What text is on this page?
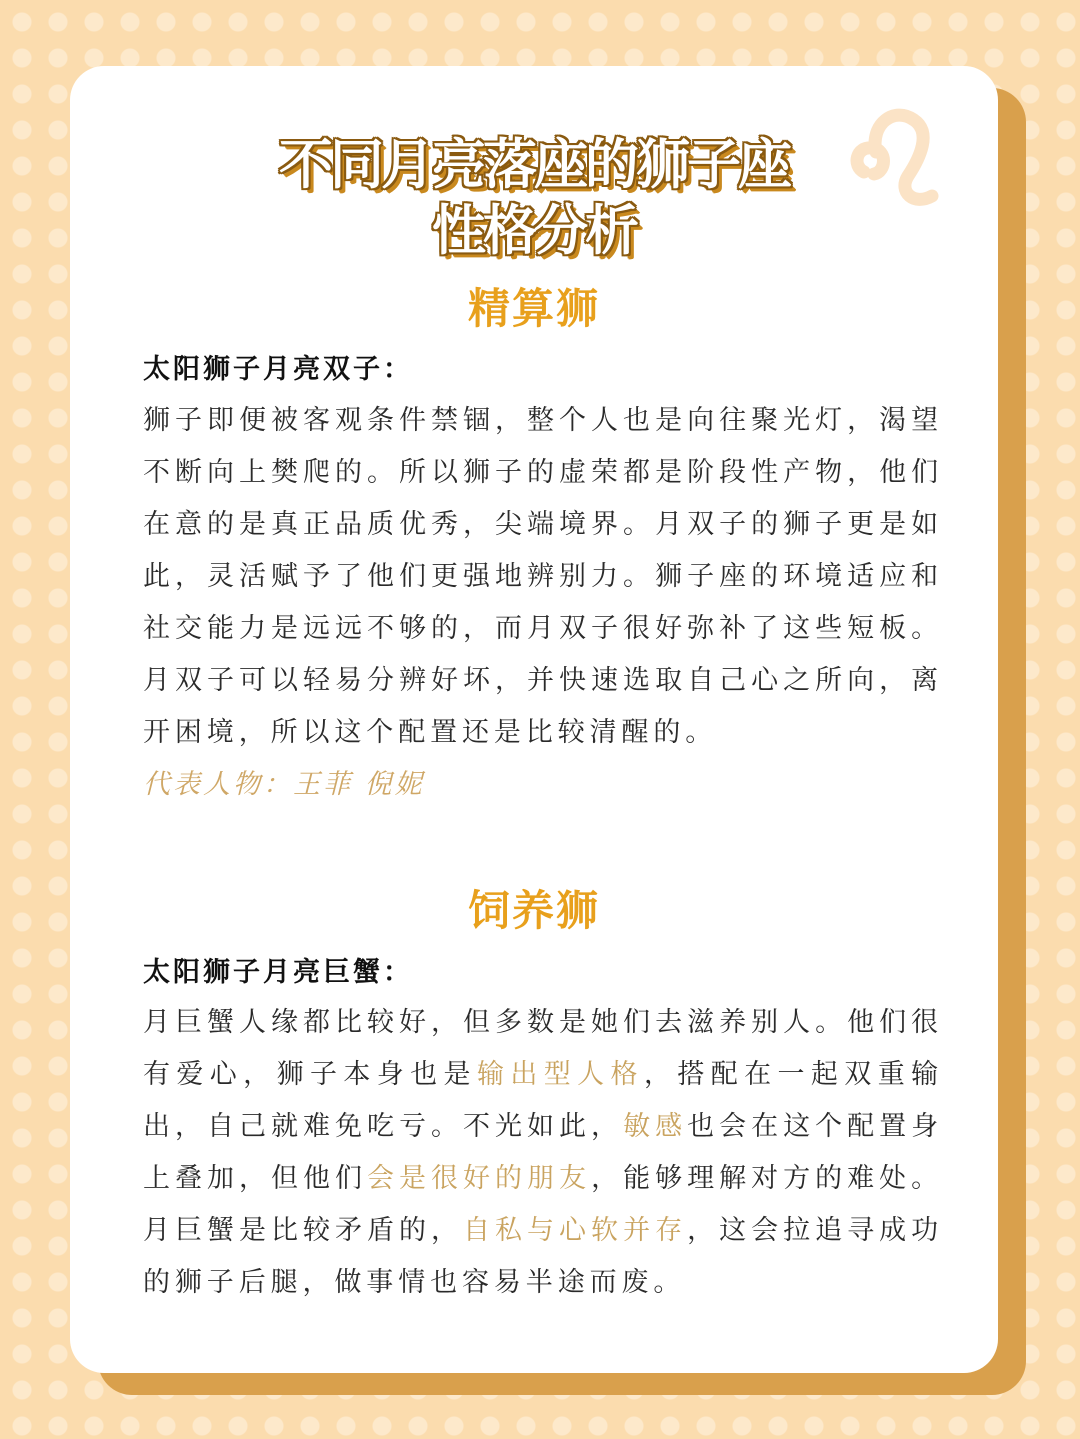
不同月亮落座的狮子座
性格分析
精算狮

太阳狮子月亮双子：

狮子即便被客观条件禁锢，整个人也是向往聚光灯，渴望不断向上樊爬的。所以狮子的虚荣都是阶段性产物，他们在意的是真正品质优秀，尖端境界。月双子的狮子更是如此，灵活赋予了他们更强地辨别力。狮子座的环境适应和社交能力是远远不够的，而月双子很好弥补了这些短板。月双子可以轻易分辨好坏，并快速选取自己心之所向，离开困境，所以这个配置还是比较清醒的。

代表人物：王菲 倪妮

饲养狮

太阳狮子月亮巨蟹：

月巨蟹人缘都比较好，但多数是她们去滋养别人。他们很有爱心，狮子本身也是输出型人格，搭配在一起双重输出，自己就难免吃亏。不光如此，敏感也会在这个配置身上叠加，但他们会是很好的朋友，能够理解对方的难处。月巨蟹是比较矛盾的，自私与心软并存，这会拉追寻成功的狮子后腿，做事情也容易半途而废。
